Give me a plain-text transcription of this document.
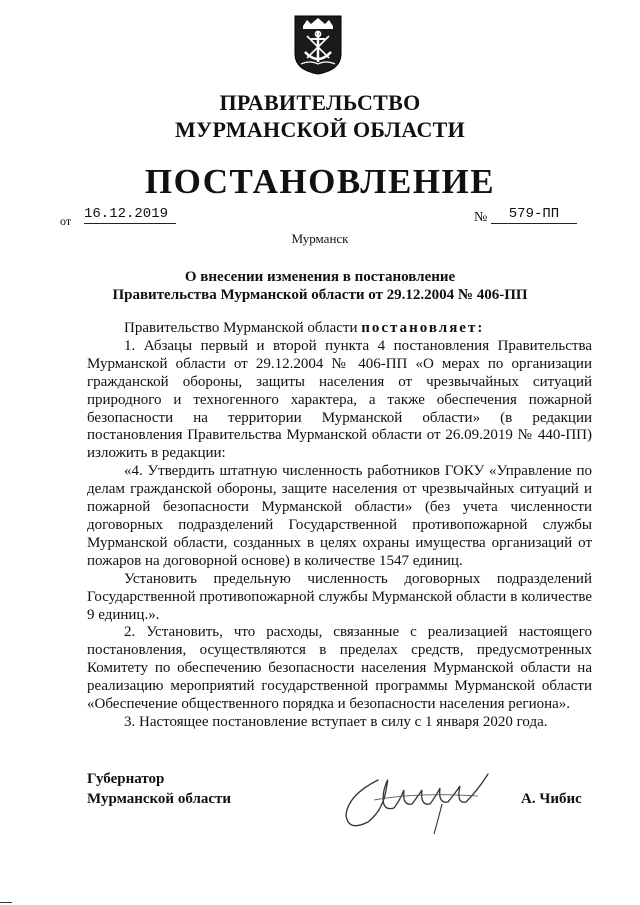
ПРАВИТЕЛЬСТВО
МУРМАНСКОЙ ОБЛАСТИ
ПОСТАНОВЛЕНИЕ
от 16.12.2019	№	579-ПП
Мурманск
О внесении изменения в постановление
Правительства Мурманской области от 29.12.2004 № 406-ПП

Правительство Мурманской области постановляет:

1. Абзацы первый и второй пункта 4 постановления Правительства Мурманской области от 29.12.2004 № 406-ПП «О мерах по организации гражданской обороны, защиты населения от чрезвычайных ситуаций природного и техногенного характера, а также обеспечения пожарной безопасности на территории Мурманской области» (в редакции постановления Правительства Мурманской области от 26.09.2019 № 440-ПП) изложить в редакции:

«4. Утвердить штатную численность работников ГОКУ «Управление по делам гражданской обороны, защите населения от чрезвычайных ситуаций и пожарной безопасности Мурманской области» (без учета численности договорных подразделений Государственной противопожарной службы Мурманской области, созданных в целях охраны имущества организаций от пожаров на договорной основе) в количестве 1547 единиц.

Установить предельную численность договорных подразделений Государственной противопожарной службы Мурманской области в количестве 9 единиц.».

2. Установить, что расходы, связанные с реализацией настоящего постановления, осуществляются в пределах средств, предусмотренных Комитету по обеспечению безопасности населения Мурманской области на реализацию мероприятий государственной программы Мурманской области «Обеспечение общественного порядка и безопасности населения региона».

3. Настоящее постановление вступает в силу с 1 января 2020 года.

Губернатор
Мурманской области	А. Чибис
